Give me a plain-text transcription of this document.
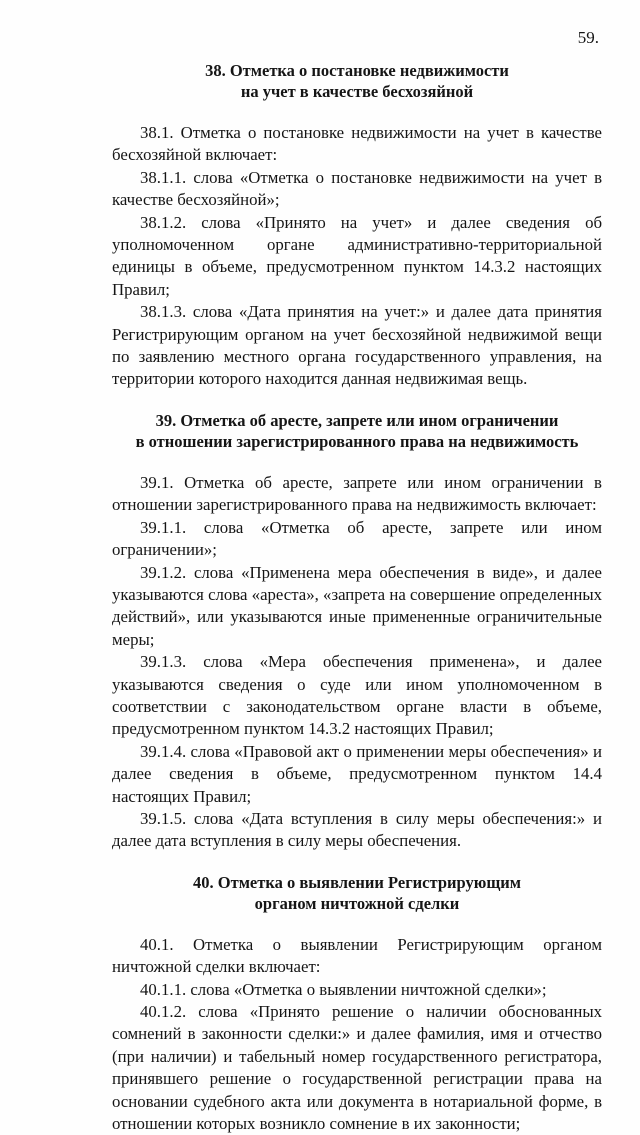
59.
38. Отметка о постановке недвижимости
на учет в качестве бесхозяйной

38.1. Отметка о постановке недвижимости на учет в качестве бесхозяйной включает:

38.1.1. слова «Отметка о постановке недвижимости на учет в качестве бесхозяйной»;

38.1.2. слова «Принято на учет» и далее сведения об уполномоченном органе административно-территориальной единицы в объеме, предусмотренном пунктом 14.3.2 настоящих Правил;

38.1.3. слова «Дата принятия на учет:» и далее дата принятия Регистрирующим органом на учет бесхозяйной недвижимой вещи по заявлению местного органа государственного управления, на территории которого находится данная недвижимая вещь.

39. Отметка об аресте, запрете или ином ограничении
в отношении зарегистрированного права на недвижимость

39.1. Отметка об аресте, запрете или ином ограничении в отношении зарегистрированного права на недвижимость включает:

39.1.1. слова «Отметка об аресте, запрете или ином ограничении»;

39.1.2. слова «Применена мера обеспечения в виде», и далее указываются слова «ареста», «запрета на совершение определенных действий», или указываются иные примененные ограничительные меры;

39.1.3. слова «Мера обеспечения применена», и далее указываются сведения о суде или ином уполномоченном в соответствии с законодательством органе власти в объеме, предусмотренном пунктом 14.3.2 настоящих Правил;

39.1.4. слова «Правовой акт о применении меры обеспечения» и далее сведения в объеме, предусмотренном пунктом 14.4 настоящих Правил;

39.1.5. слова «Дата вступления в силу меры обеспечения:» и далее дата вступления в силу меры обеспечения.

40. Отметка о выявлении Регистрирующим
органом ничтожной сделки

40.1. Отметка о выявлении Регистрирующим органом ничтожной сделки включает:

40.1.1. слова «Отметка о выявлении ничтожной сделки»;

40.1.2. слова «Принято решение о наличии обоснованных сомнений в законности сделки:» и далее фамилия, имя и отчество (при наличии) и табельный номер государственного регистратора, принявшего решение о государственной регистрации права на основании судебного акта или документа в нотариальной форме, в отношении которых возникло сомнение в их законности;
